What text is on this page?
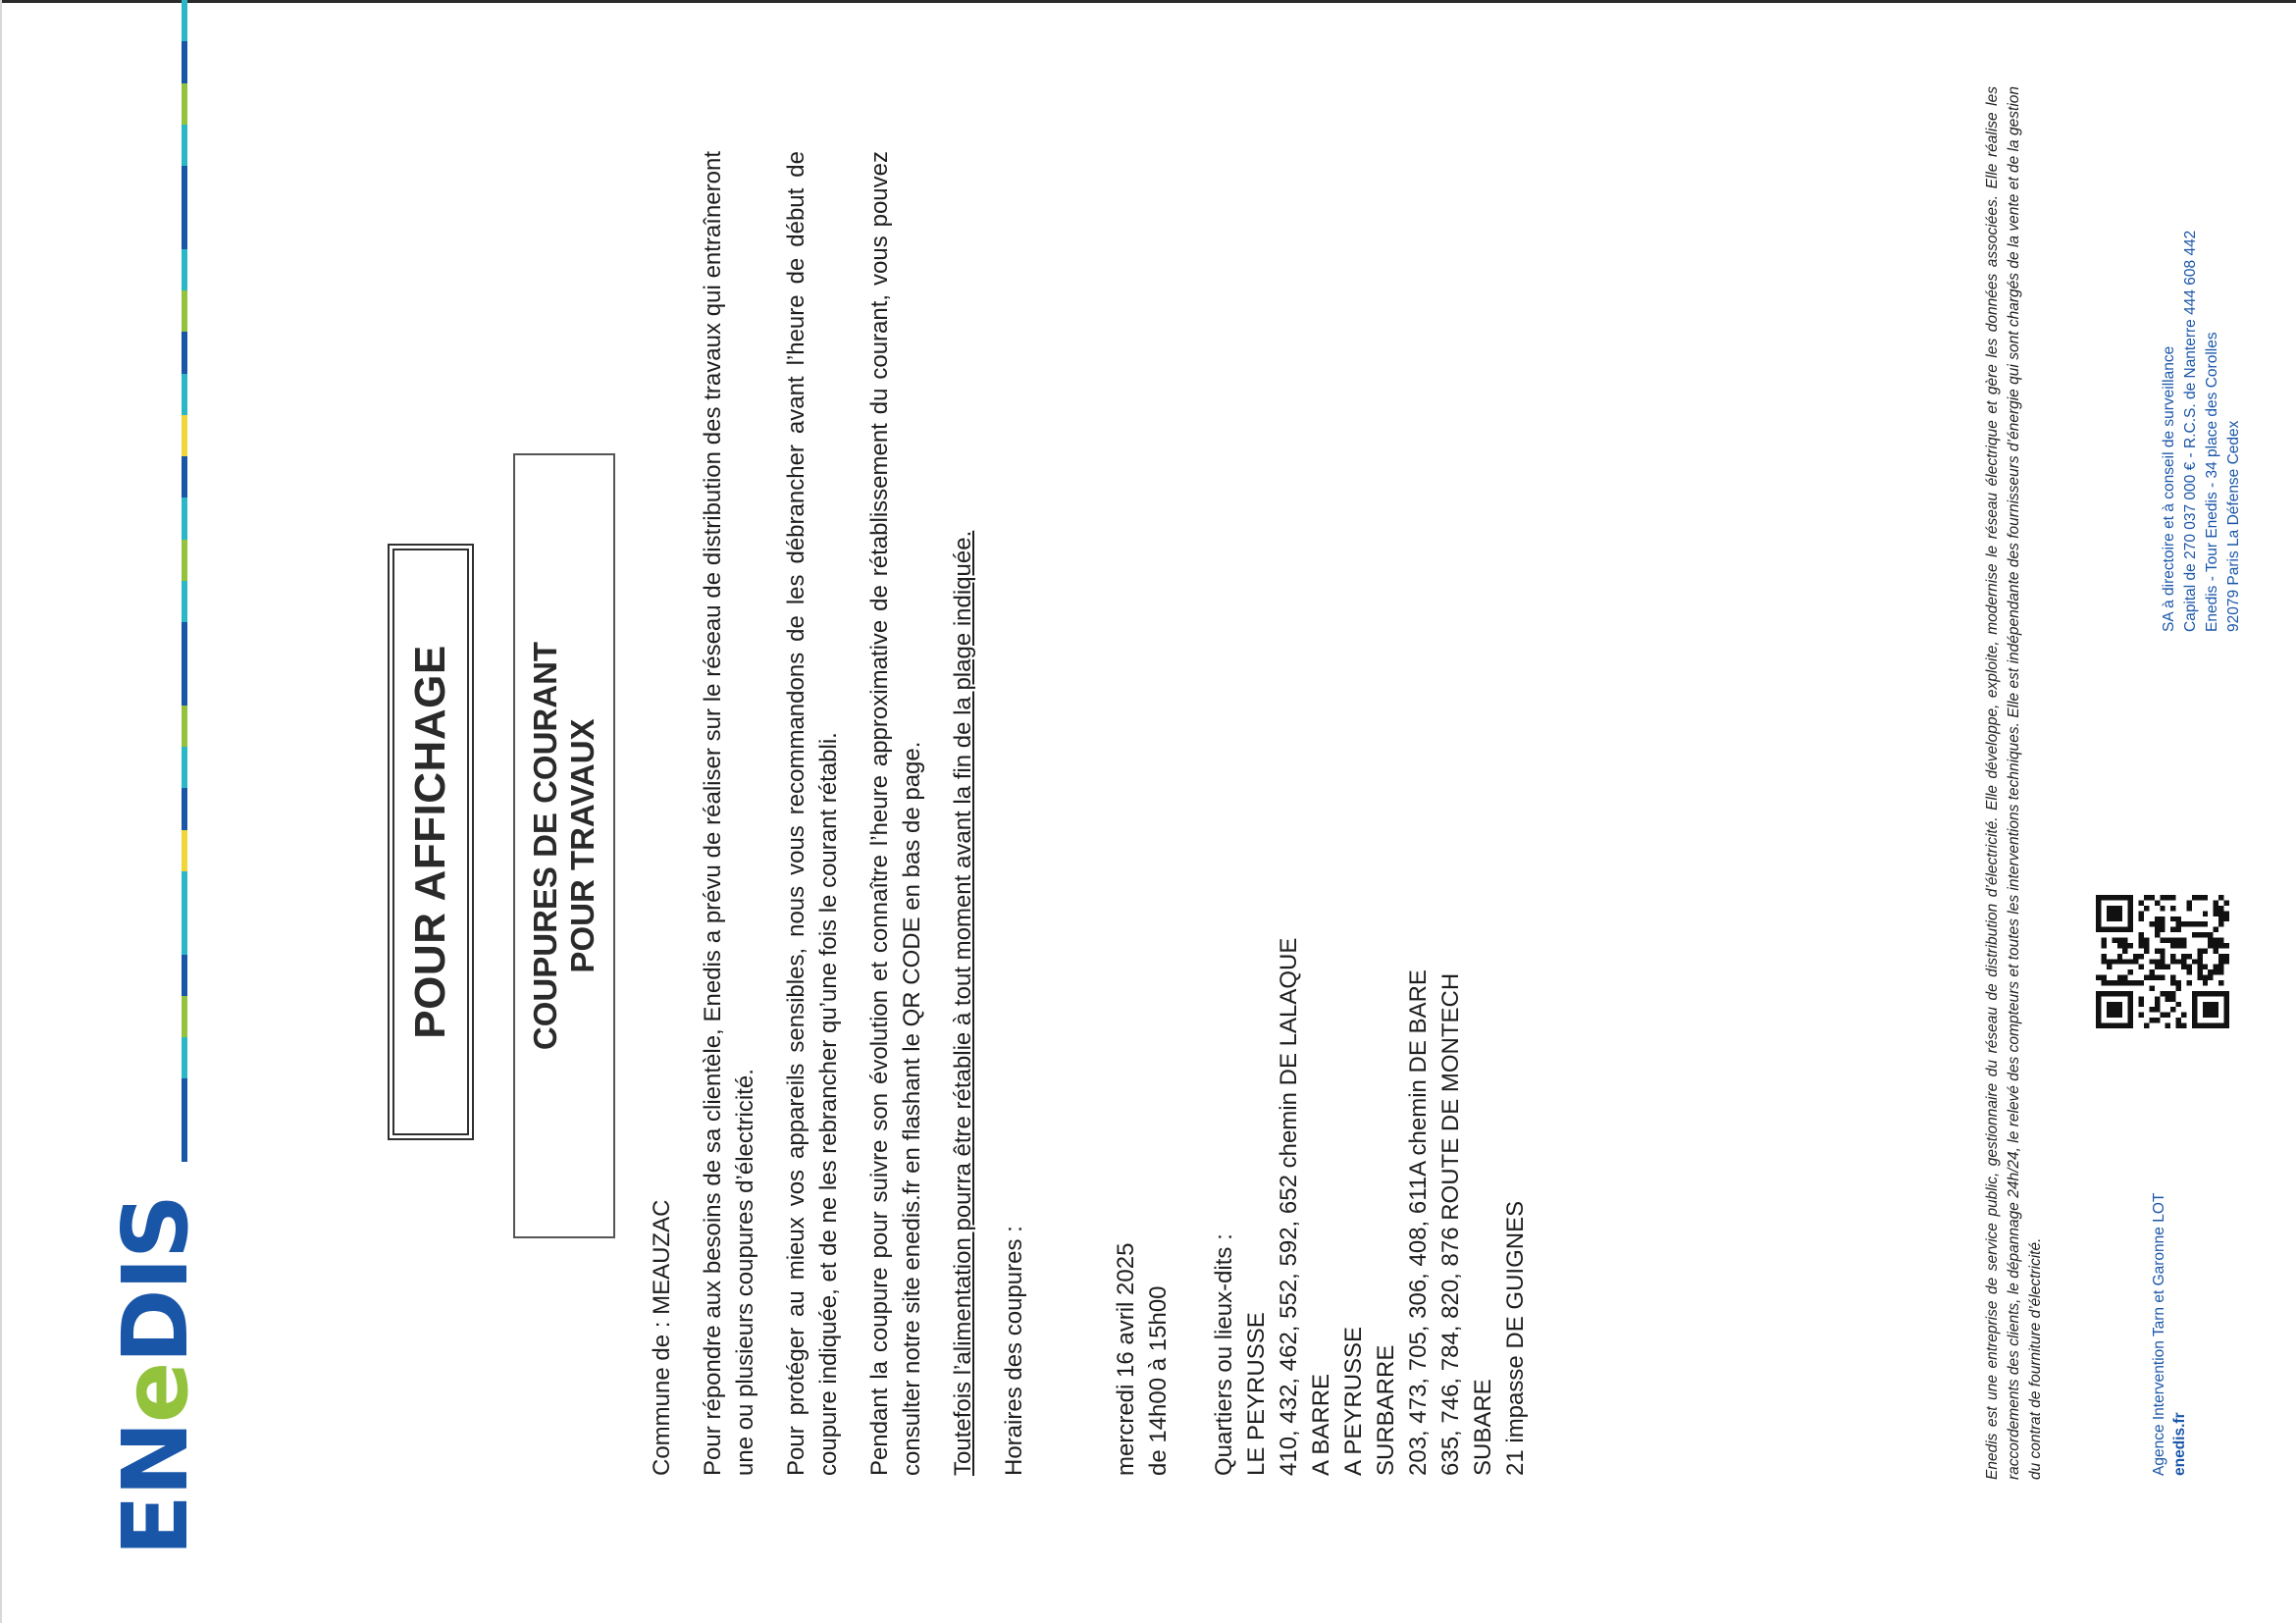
ENeDIS
POUR AFFICHAGE COUPURES DE COURANT POUR TRAVAUX

Commune de : MEAUZAC Pour répondre aux besoins de sa clientèle, Enedis a prévu de réaliser sur le réseau de distribution des travaux qui entraîneront une ou plusieurs coupures d’électricité. Pour protéger au mieux vos appareils sensibles, nous vous recommandons de les débrancher avant l’heure de début de coupure indiquée, et de ne les rebrancher qu’une fois le courant rétabli. Pendant la coupure pour suivre son évolution et connaître l’heure approximative de rétablissement du courant, vous pouvez consulter notre site enedis.fr en flashant le QR CODE en bas de page. Toutefois l’alimentation pourra être rétablie à tout moment avant la fin de la plage indiquée. Horaires des coupures :	mercredi 16 avril 2025 de 14h00 à 15h00 Quartiers ou lieux-dits : LE PEYRUSSE 410, 432, 462, 552, 592, 652 chemin DE LALAQUE A BARRE A PEYRUSSE SURBARRE 203, 473, 705, 306, 408, 611A chemin DE BARE 635, 746, 784, 820, 876 ROUTE DE MONTECH SUBARE 21 impasse DE GUIGNES	Enedis est une entreprise de service public, gestionnaire du réseau de distribution d’électricité. Elle développe, exploite, modernise le réseau électrique et gère les données associées. Elle réalise les raccordements des clients, le dépannage 24h/24, le relevé des compteurs et toutes les interventions techniques. Elle est indépendante des fournisseurs d’énergie qui sont chargés de la vente et de la gestion du contrat de fourniture d’électricité.	Agence Intervention Tarn et Garonne LOT enedis.fr
SA à directoire et à conseil de surveillance Capital de 270 037 000 € - R.C.S. de Nanterre 444 608 442 Enedis - Tour Enedis - 34 place des Corolles 92079 Paris La Défense Cedex
